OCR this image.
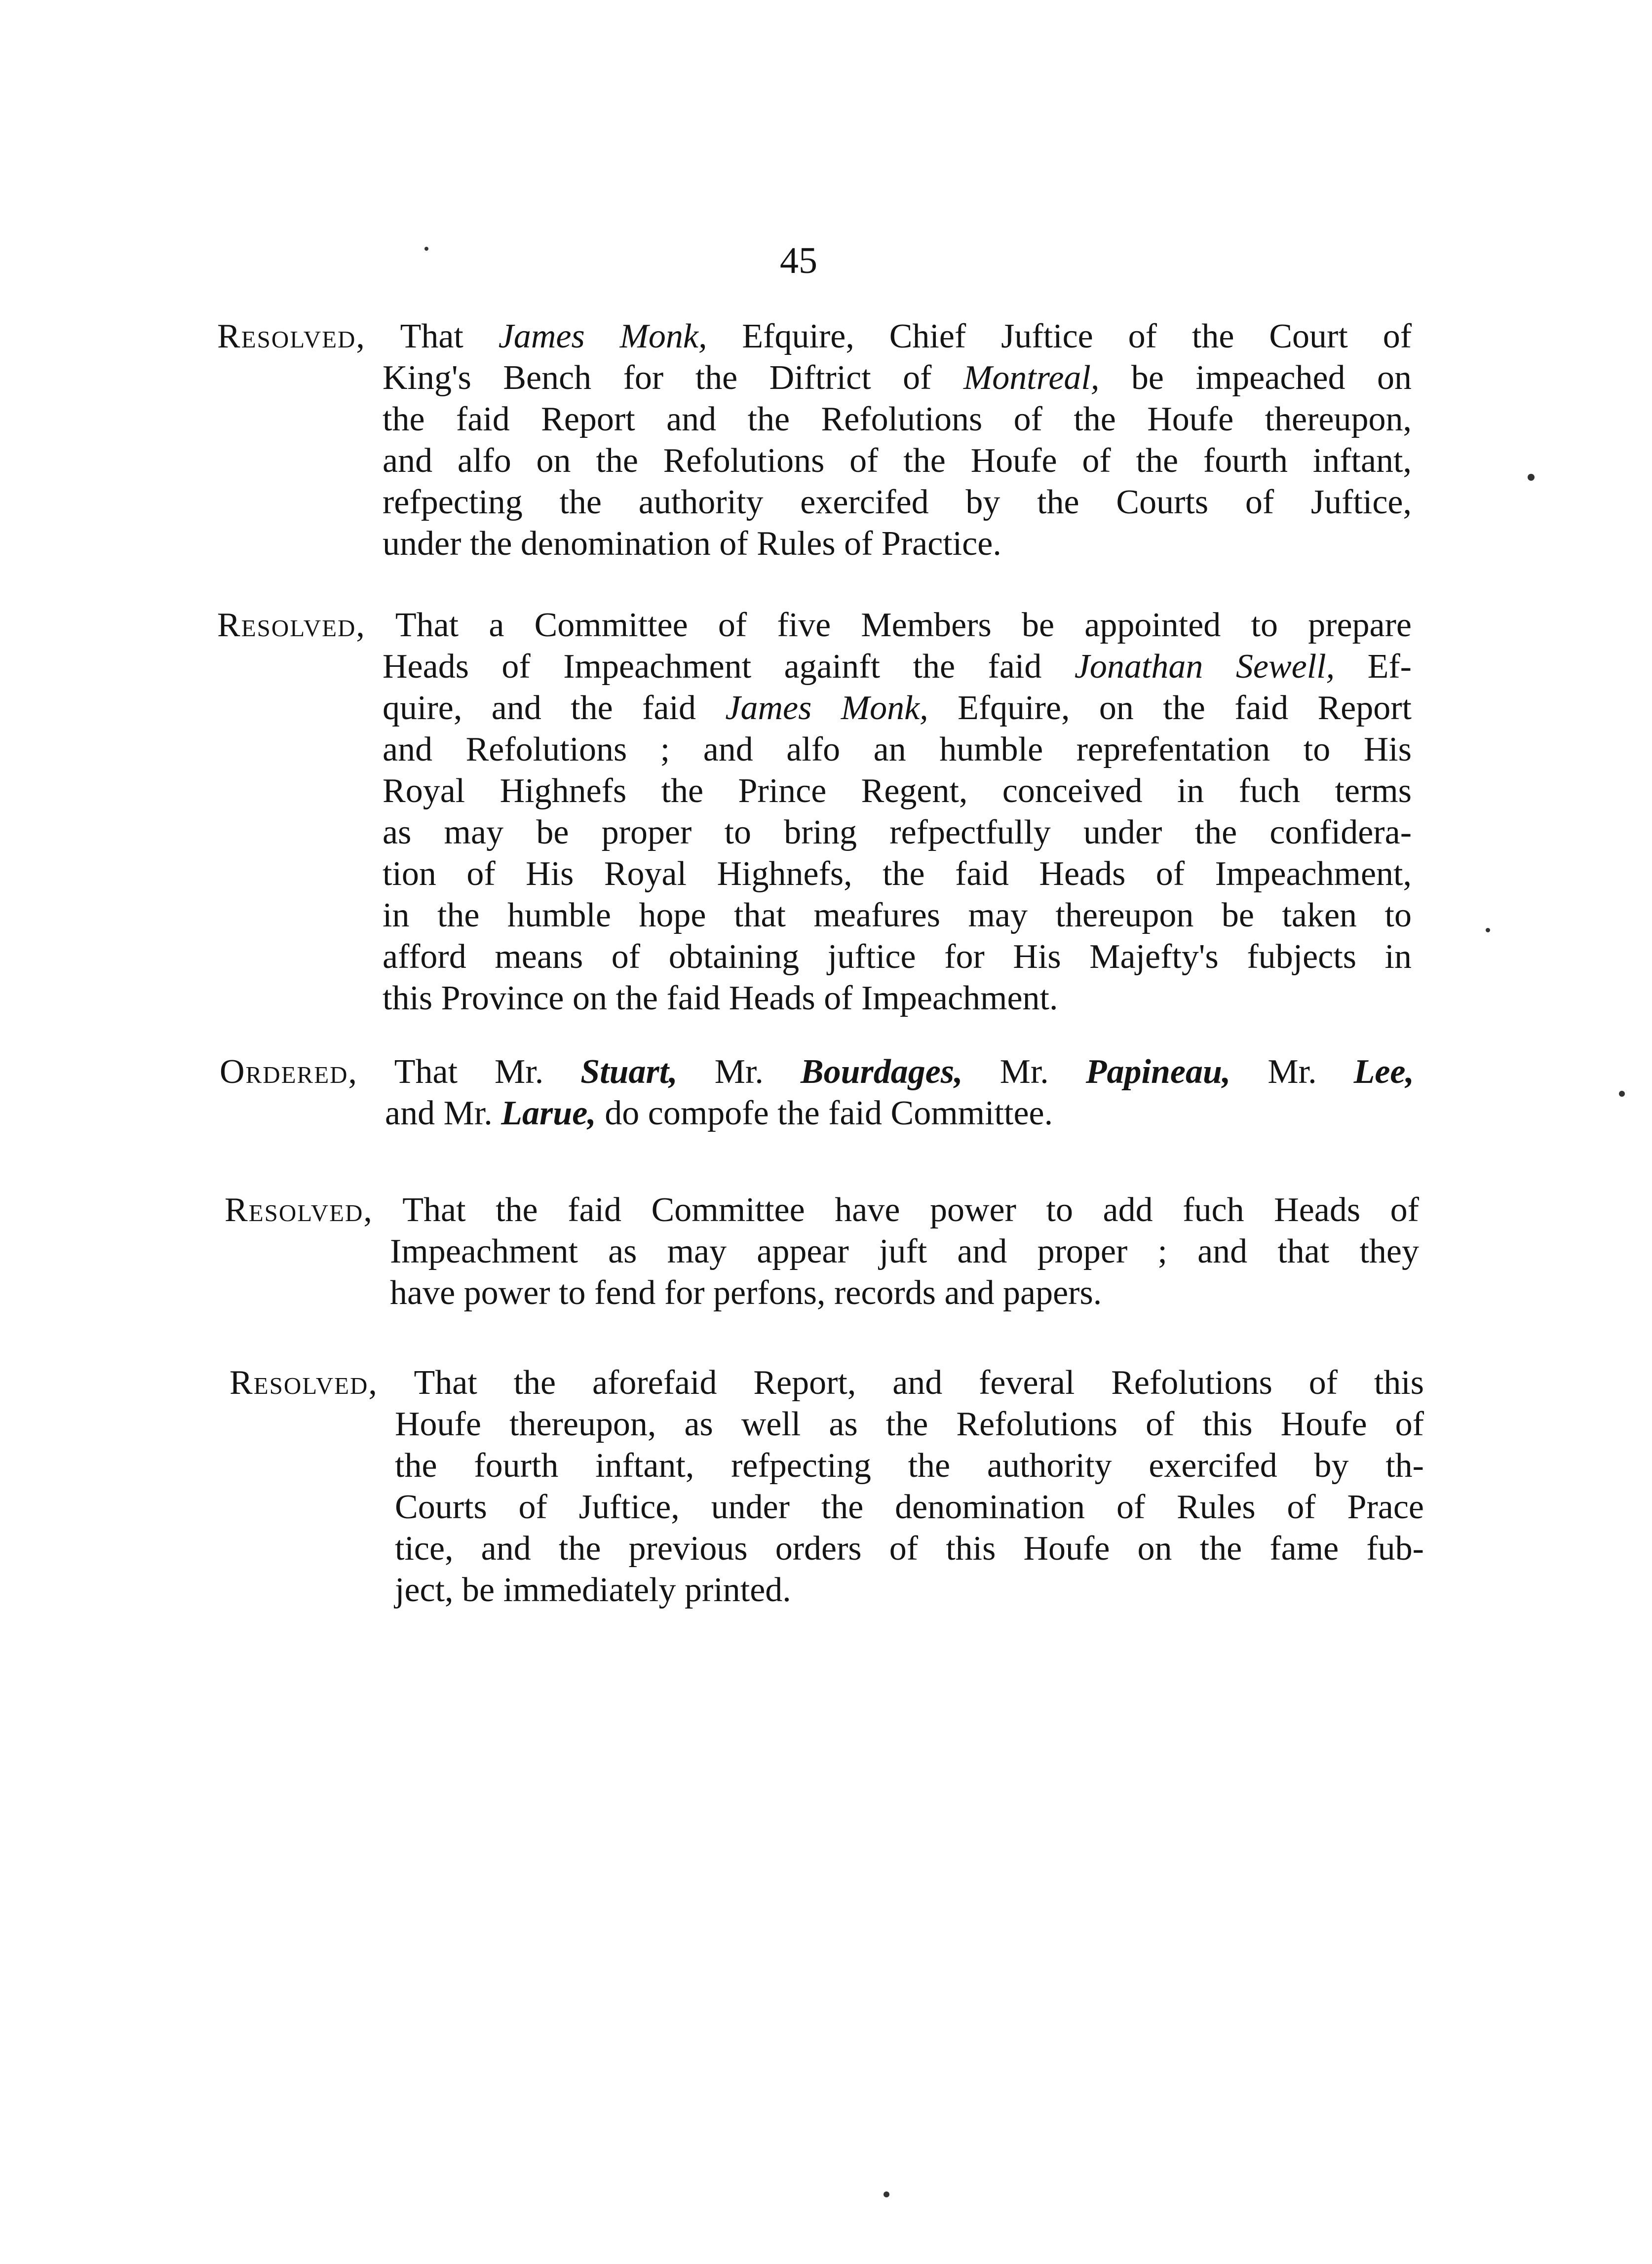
45
Resolved, That James Monk, Efquire, Chief Juftice of the Court of
King's Bench for the Diftrict of Montreal, be impeached on
the faid Report and the Refolutions of the Houfe thereupon,
and alfo on the Refolutions of the Houfe of the fourth inftant,
refpecting the authority exercifed by the Courts of Juftice,
under the denomination of Rules of Practice.
Resolved, That a Committee of five Members be appointed to prepare
Heads of Impeachment againft the faid Jonathan Sewell, Ef-
quire, and the faid James Monk, Efquire, on the faid Report
and Refolutions ; and alfo an humble reprefentation to His
Royal Highnefs the Prince Regent, conceived in fuch terms
as may be proper to bring refpectfully under the confidera-
tion of His Royal Highnefs, the faid Heads of Impeachment,
in the humble hope that meafures may thereupon be taken to
afford means of obtaining juftice for His Majefty's fubjects in
this Province on the faid Heads of Impeachment.
Ordered, That Mr. Stuart, Mr. Bourdages, Mr. Papineau, Mr. Lee,
and Mr. Larue, do compofe the faid Committee.
Resolved, That the faid Committee have power to add fuch Heads of
Impeachment as may appear juft and proper ; and that they
have power to fend for perfons, records and papers.
Resolved, That the aforefaid Report, and feveral Refolutions of this
Houfe thereupon, as well as the Refolutions of this Houfe of
the fourth inftant, refpecting the authority exercifed by th-
Courts of Juftice, under the denomination of Rules of Prace
tice, and the previous orders of this Houfe on the fame fub-
ject, be immediately printed.
